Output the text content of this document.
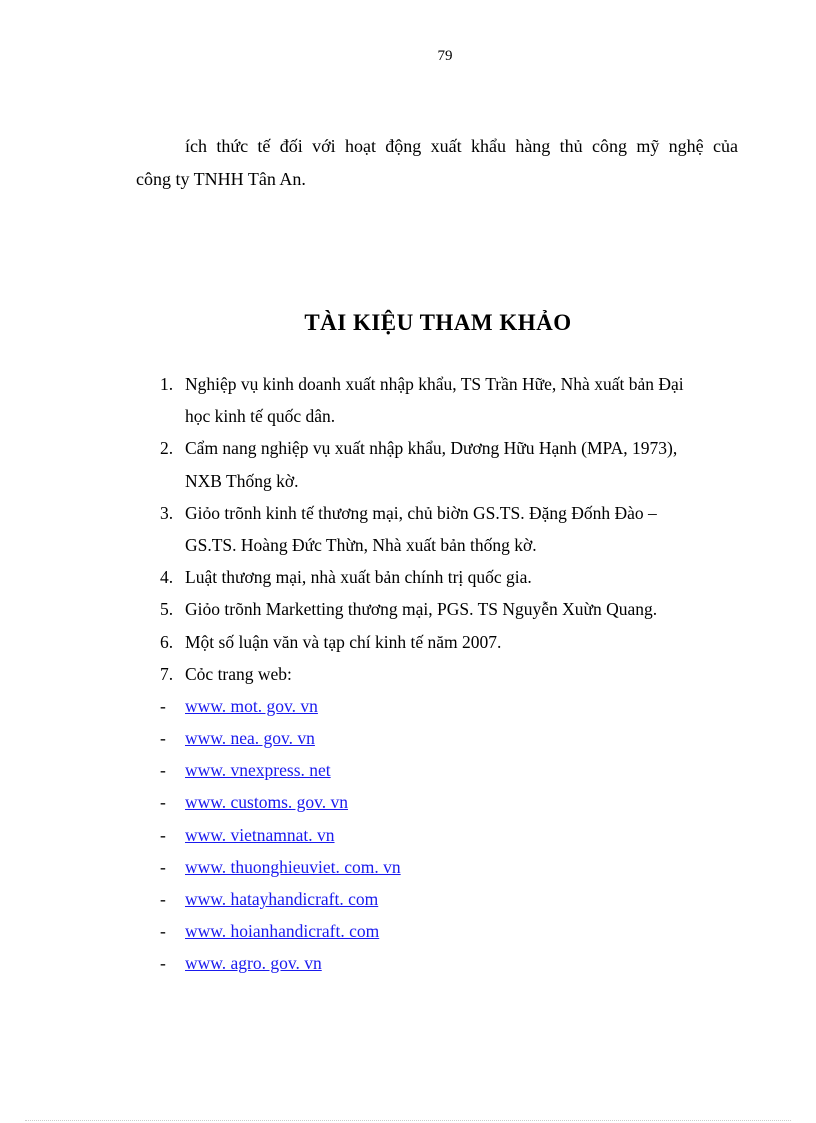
79
ích thức tế đối với hoạt động xuất khẩu hàng thủ công mỹ nghệ của
công ty TNHH Tân An.
TÀI KIỆU THAM KHẢO
1. Nghiệp vụ kinh doanh xuất nhập khẩu, TS Trần Hữe, Nhà xuất bản Đại
học kinh tế quốc dân.
2. Cẩm nang nghiệp vụ xuất nhập khẩu, Dương Hữu Hạnh (MPA, 1973),
NXB Thống kờ.
3. Giỏo trõnh kinh tế thương mại, chủ biờn GS.TS. Đặng Đốnh Đào –
GS.TS. Hoàng Đức Thừn, Nhà xuất bản thống kờ.
4. Luật thương mại, nhà xuất bản chính trị quốc gia.
5. Giỏo trõnh Marketting thương mại, PGS. TS Nguyễn Xuừn Quang.
6. Một số luận văn và tạp chí kinh tế năm 2007.
7. Cỏc trang web:
- www. mot. gov. vn
- www. nea. gov. vn
- www. vnexpress. net
- www. customs. gov. vn
- www. vietnamnat. vn
- www. thuonghieuviet. com. vn
- www. hatayhandicraft. com
- www. hoianhandicraft. com
- www. agro. gov. vn
